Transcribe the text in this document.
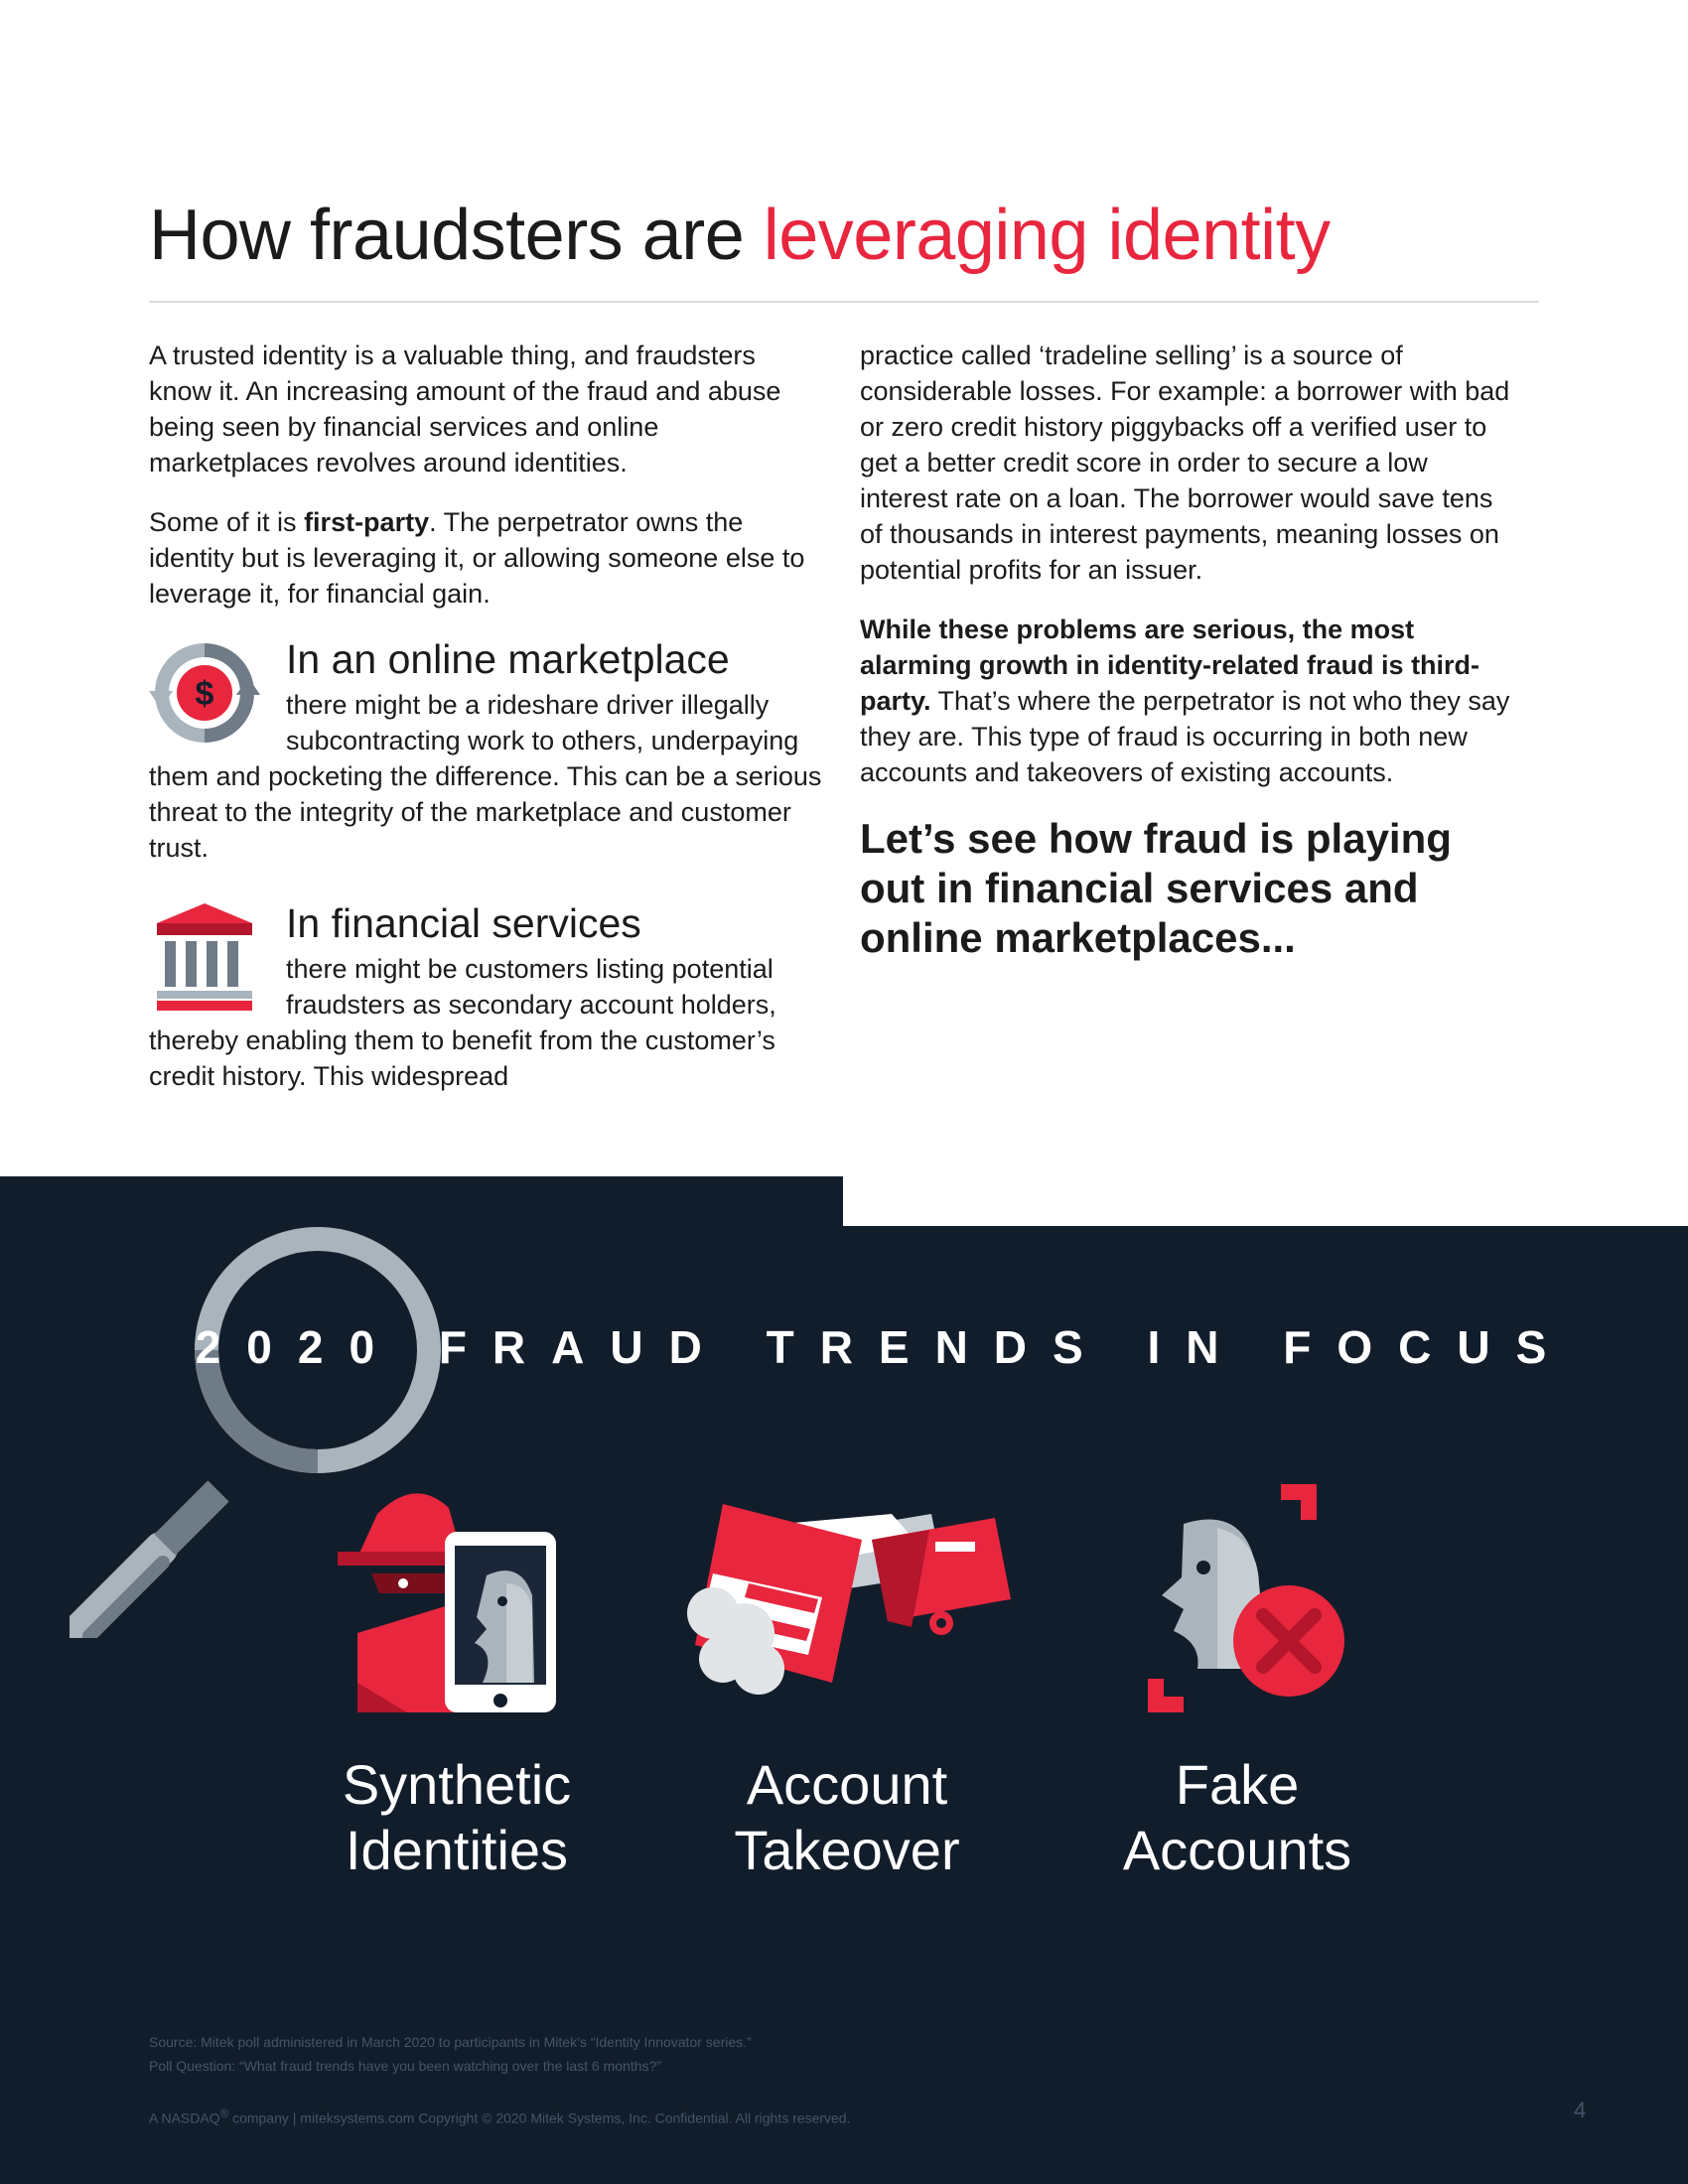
How fraudsters are leveraging identity

A trusted identity is a valuable thing, and fraudsters know it. An increasing amount of the fraud and abuse being seen by financial services and online marketplaces revolves around identities.

Some of it is first-party. The perpetrator owns the identity but is leveraging it, or allowing someone else to leverage it, for financial gain.

$
In an online marketplace
there might be a rideshare driver illegally subcontracting work to others, underpaying them and pocketing the difference. This can be a serious threat to the integrity of the marketplace and customer trust.
In financial services
there might be customers listing potential fraudsters as secondary account holders, thereby enabling them to benefit from the customer’s credit history. This widespread

practice called ‘tradeline selling’ is a source of considerable losses. For example: a borrower with bad or zero credit history piggybacks off a verified user to get a better credit score in order to secure a low interest rate on a loan. The borrower would save tens of thousands in interest payments, meaning losses on potential profits for an issuer.

While these problems are serious, the most alarming growth in identity-related fraud is third-party. That’s where the perpetrator is not who they say they are. This type of fraud is occurring in both new accounts and takeovers of existing accounts.

Let’s see how fraud is playing out in financial services and online marketplaces...
2020 FRAUD TRENDS IN FOCUS
Synthetic
Identities
Account
Takeover
Fake
Accounts
Source: Mitek poll administered in March 2020 to participants in Mitek’s “Identity Innovator series.”
Poll Question: “What fraud trends have you been watching over the last 6 months?”
A NASDAQ® company | miteksystems.com Copyright © 2020 Mitek Systems, Inc. Confidential. All rights reserved.	4
